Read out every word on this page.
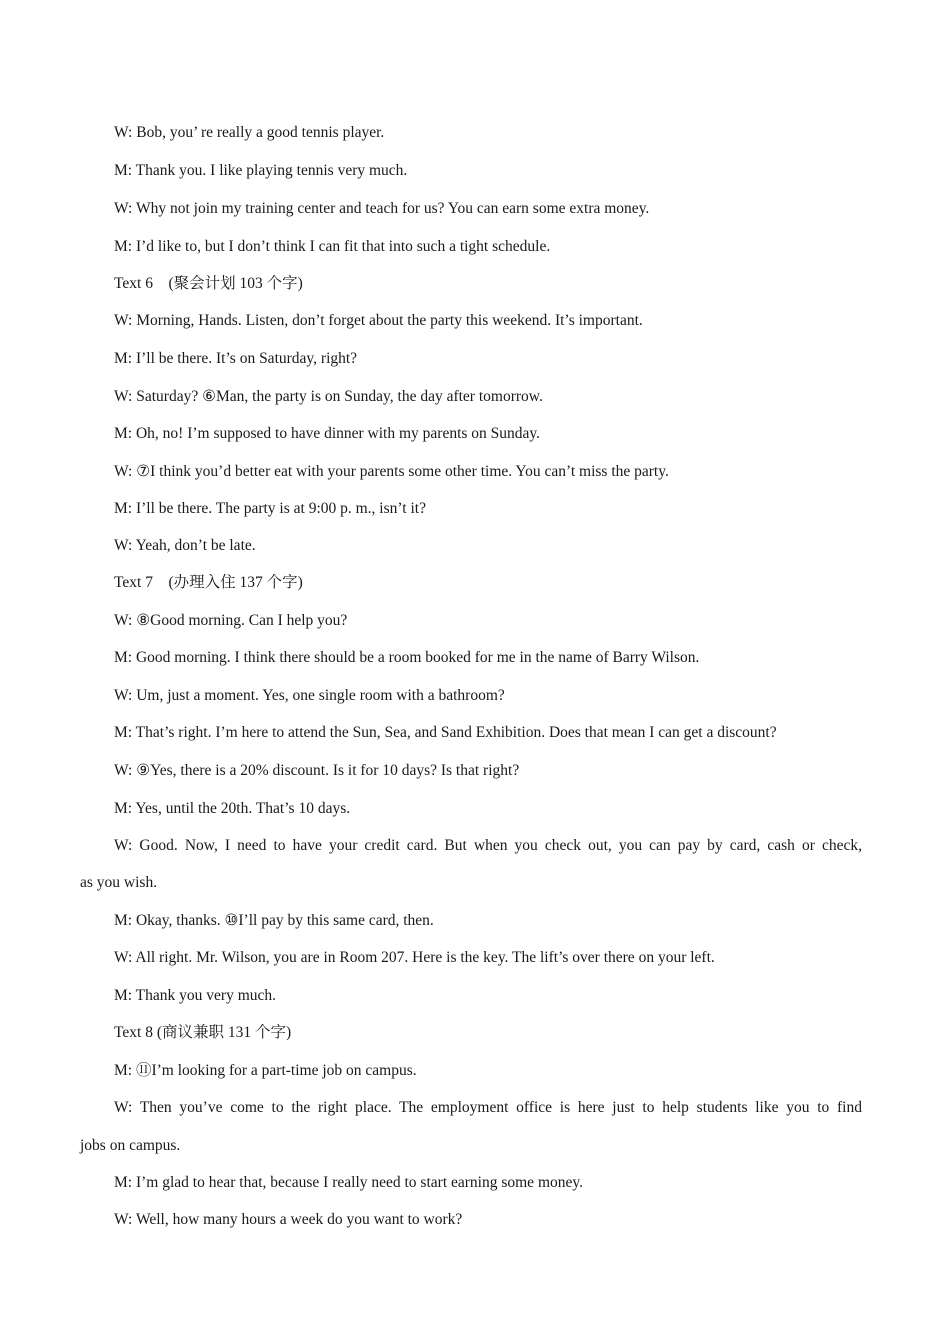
W: Bob, you’ re really a good tennis player.
M: Thank you. I like playing tennis very much.
W: Why not join my training center and teach for us? You can earn some extra money.
M: I’d like to, but I don’t think I can fit that into such a tight schedule.
Text 6　(聚会计划 103 个字)
W: Morning, Hands. Listen, don’t forget about the party this weekend. It’s important.
M: I’ll be there. It’s on Saturday, right?
W: Saturday? ⑥Man, the party is on Sunday, the day after tomorrow.
M: Oh, no! I’m supposed to have dinner with my parents on Sunday.
W: ⑦I think you’d better eat with your parents some other time. You can’t miss the party.
M: I’ll be there. The party is at 9:00 p. m., isn’t it?
W: Yeah, don’t be late.
Text 7　(办理入住 137 个字)
W: ⑧Good morning. Can I help you?
M: Good morning. I think there should be a room booked for me in the name of Barry Wilson.
W: Um, just a moment. Yes, one single room with a bathroom?
M: That’s right. I’m here to attend the Sun, Sea, and Sand Exhibition. Does that mean I can get a discount?
W: ⑨Yes, there is a 20% discount. Is it for 10 days? Is that right?
M: Yes, until the 20th. That’s 10 days.
W: Good. Now, I need to have your credit card. But when you check out, you can pay by card, cash or check,
as you wish.
M: Okay, thanks. ⑩I’ll pay by this same card, then.
W: All right. Mr. Wilson, you are in Room 207. Here is the key. The lift’s over there on your left.
M: Thank you very much.
Text 8 (商议兼职 131 个字)
M: ⑪I’m looking for a part-time job on campus.
W: Then you’ve come to the right place. The employment office is here just to help students like you to find
jobs on campus.
M: I’m glad to hear that, because I really need to start earning some money.
W: Well, how many hours a week do you want to work?
